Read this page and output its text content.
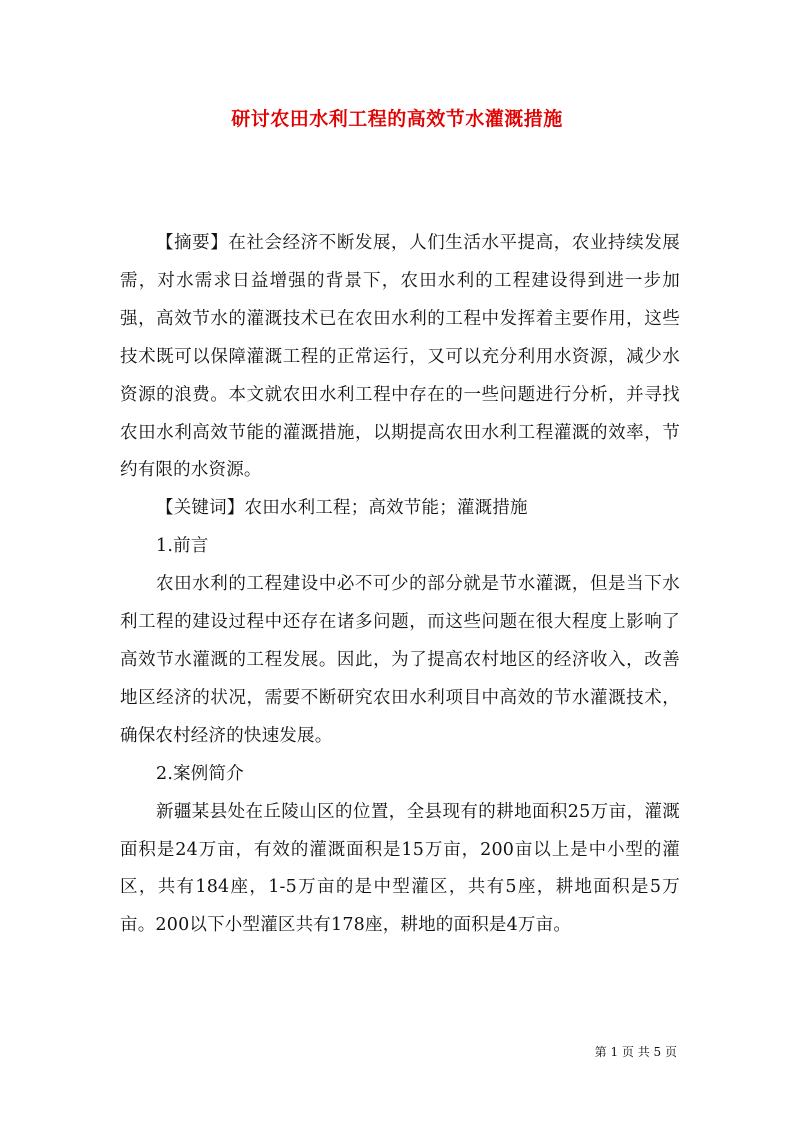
研讨农田水利工程的高效节水灌溉措施

【摘要】在社会经济不断发展，人们生活水平提高，农业持续发展需，对水需求日益增强的背景下，农田水利的工程建设得到进一步加强，高效节水的灌溉技术已在农田水利的工程中发挥着主要作用，这些技术既可以保障灌溉工程的正常运行，又可以充分利用水资源，减少水资源的浪费。本文就农田水利工程中存在的一些问题进行分析，并寻找农田水利高效节能的灌溉措施，以期提高农田水利工程灌溉的效率，节约有限的水资源。

【关键词】农田水利工程；高效节能；灌溉措施

1.前言

农田水利的工程建设中必不可少的部分就是节水灌溉，但是当下水利工程的建设过程中还存在诸多问题，而这些问题在很大程度上影响了高效节水灌溉的工程发展。因此，为了提高农村地区的经济收入，改善地区经济的状况，需要不断研究农田水利项目中高效的节水灌溉技术，确保农村经济的快速发展。

2.案例简介

新疆某县处在丘陵山区的位置，全县现有的耕地面积25万亩，灌溉面积是24万亩，有效的灌溉面积是15万亩，200亩以上是中小型的灌区，共有184座，1-5万亩的是中型灌区，共有5座，耕地面积是5万亩。200以下小型灌区共有178座，耕地的面积是4万亩。

第 1 页 共 5 页
